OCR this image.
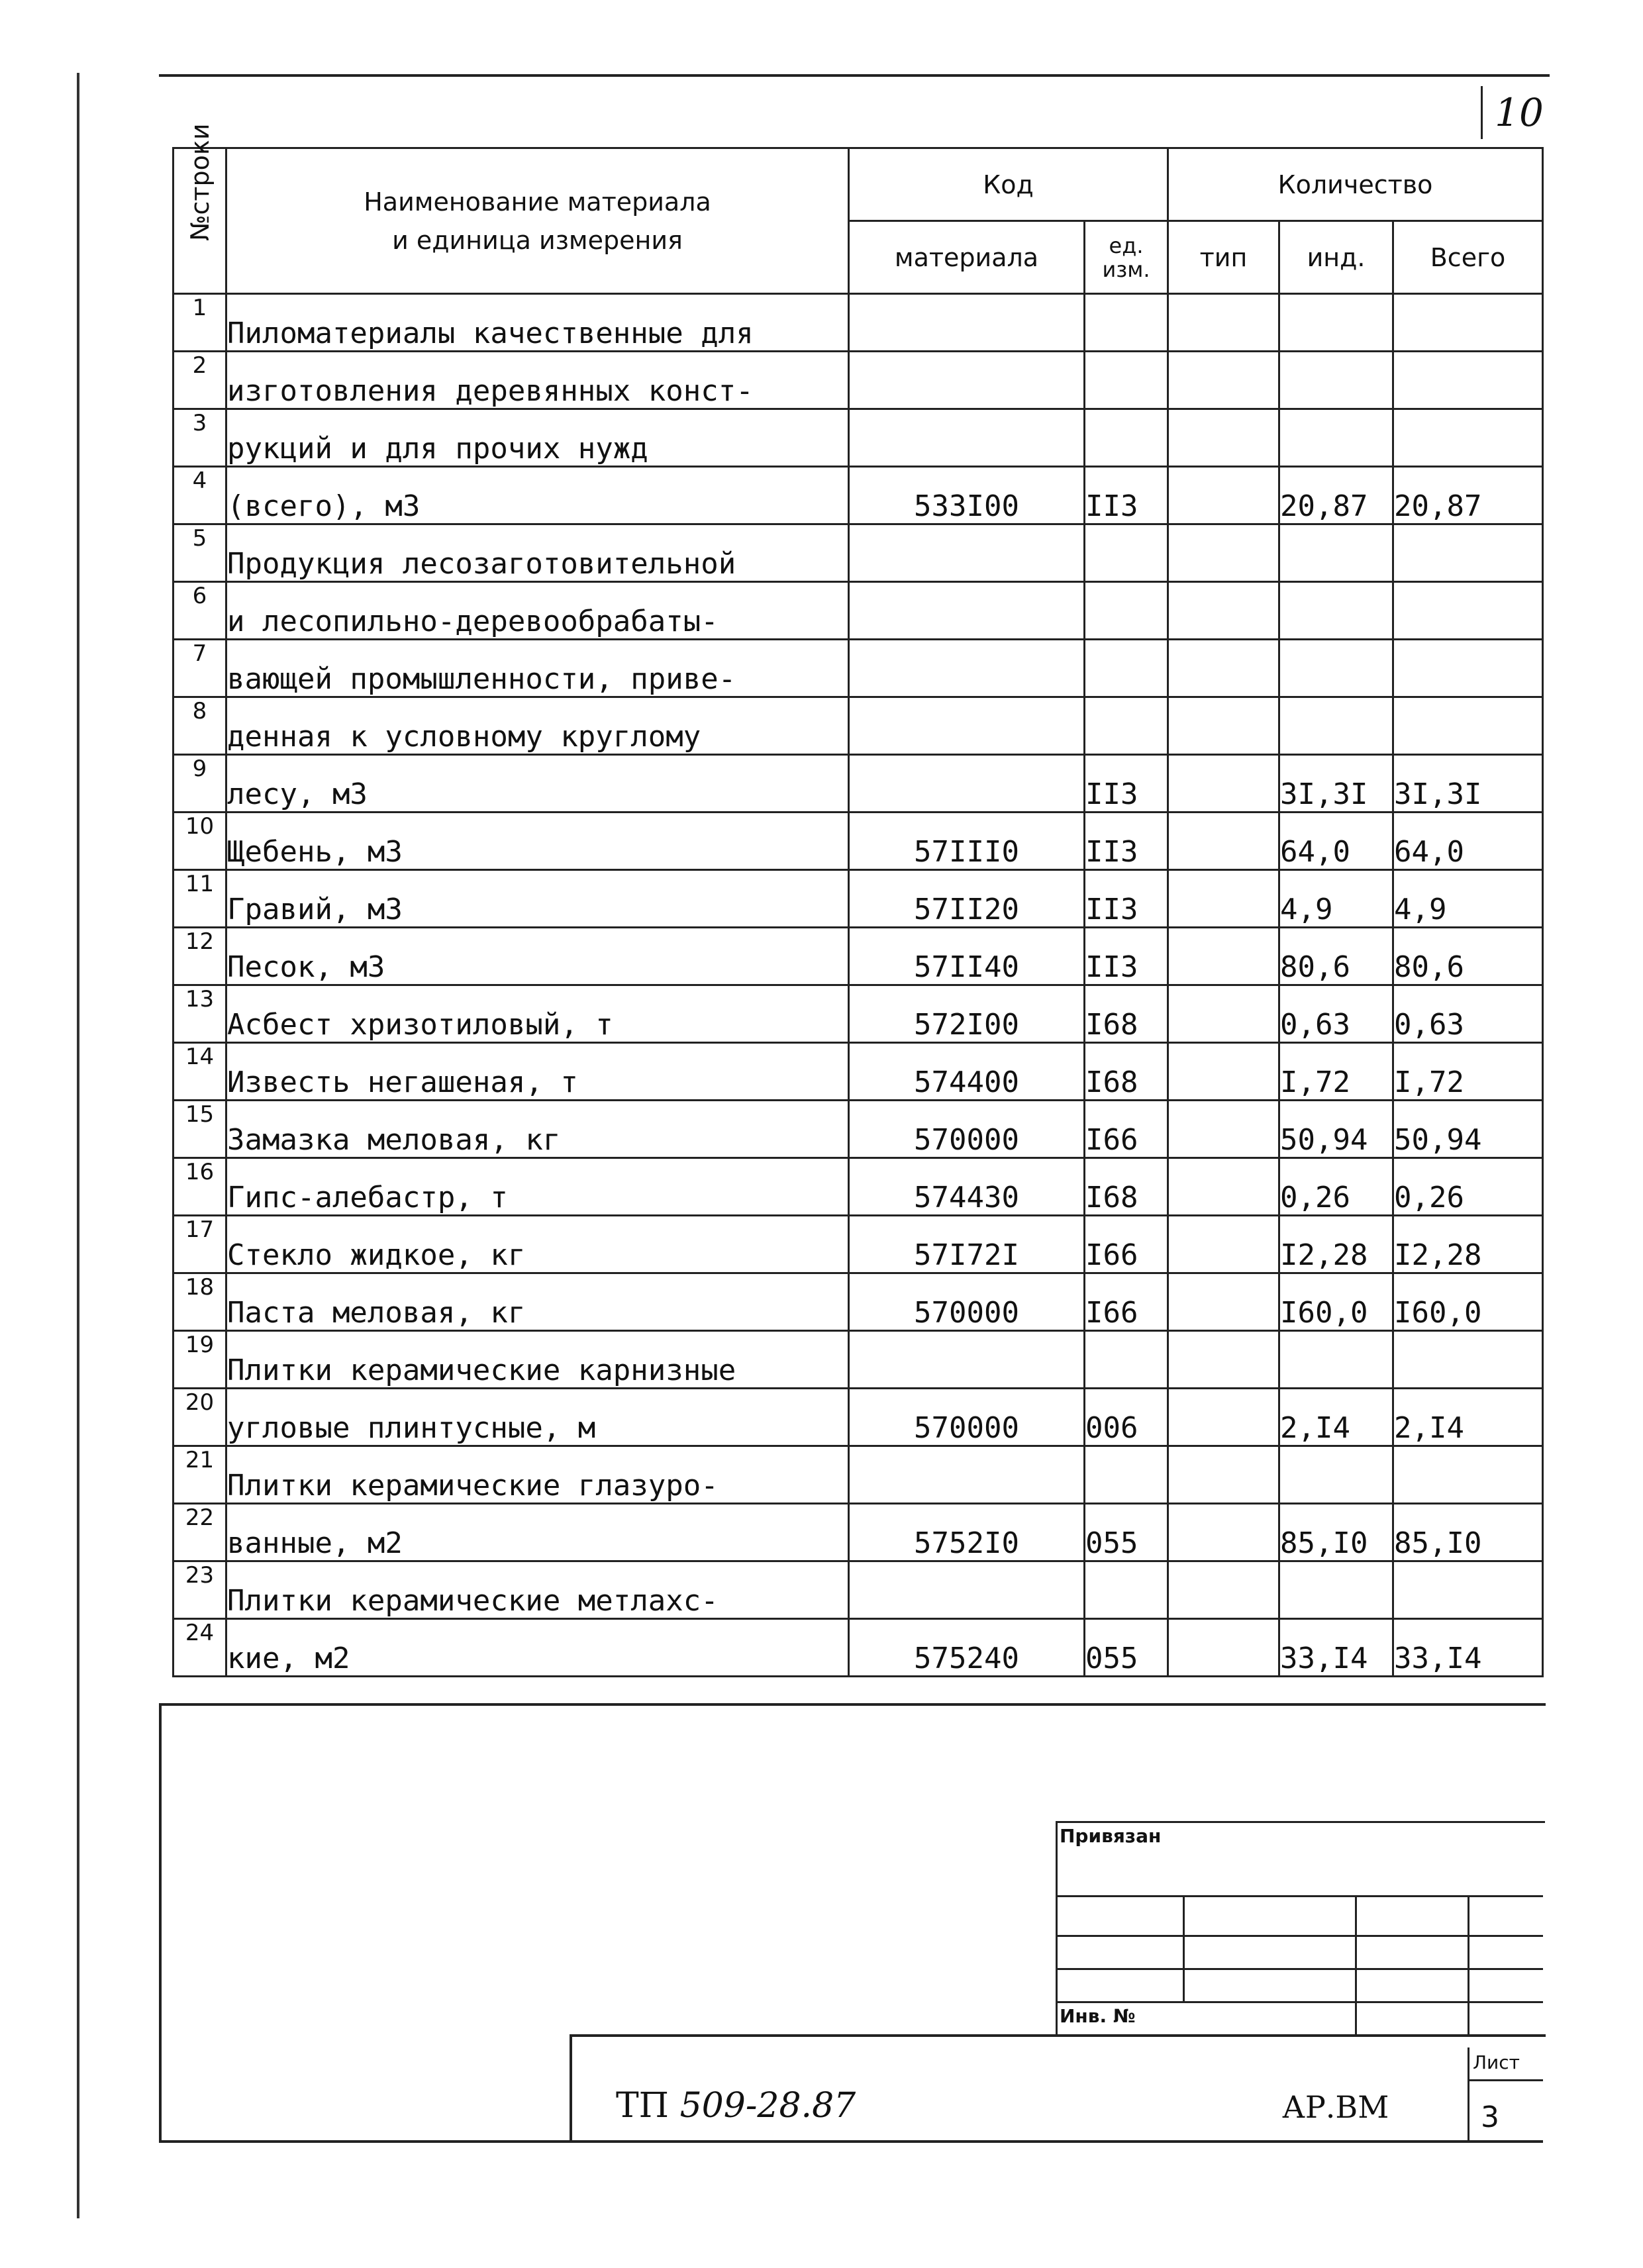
10
№строки	Наименование материала
и единица измерения	Код		Количество		
		материала	ед. изм.	тип	инд.	Всего
1	Пиломатериалы качественные для					
2	изготовления деревянных конст-					
3	рукций и для прочих нужд					
4	(всего), м3	533I00	II3		20,87	20,87
5	Продукция лесозаготовительной					
6	и лесопильно-деревообрабаты-					
7	вающей промышленности, приве-					
8	денная к условному круглому					
9	лесу, м3		II3		3I,3I	3I,3I
10	Щебень, м3	57III0	II3		64,0	64,0
11	Гравий, м3	57II20	II3		4,9	4,9
12	Песок, м3	57II40	II3		80,6	80,6
13	Асбест хризотиловый, т	572I00	I68		0,63	0,63
14	Известь негашеная, т	574400	I68		I,72	I,72
15	Замазка меловая, кг	570000	I66		50,94	50,94
16	Гипс-алебастр, т	574430	I68		0,26	0,26
17	Стекло жидкое, кг	57I72I	I66		I2,28	I2,28
18	Паста меловая, кг	570000	I66		I60,0	I60,0
19	Плитки керамические карнизные					
20	угловые плинтусные, м	570000	006		2,I4	2,I4
21	Плитки керамические глазуро-					
22	ванные, м2	5752I0	055		85,I0	85,I0
23	Плитки керамические метлахс-					
24	кие, м2	575240	055		33,I4	33,I4
Привязан
Инв. №
ТП 509-28.87	АР.ВМ
Лист
3
